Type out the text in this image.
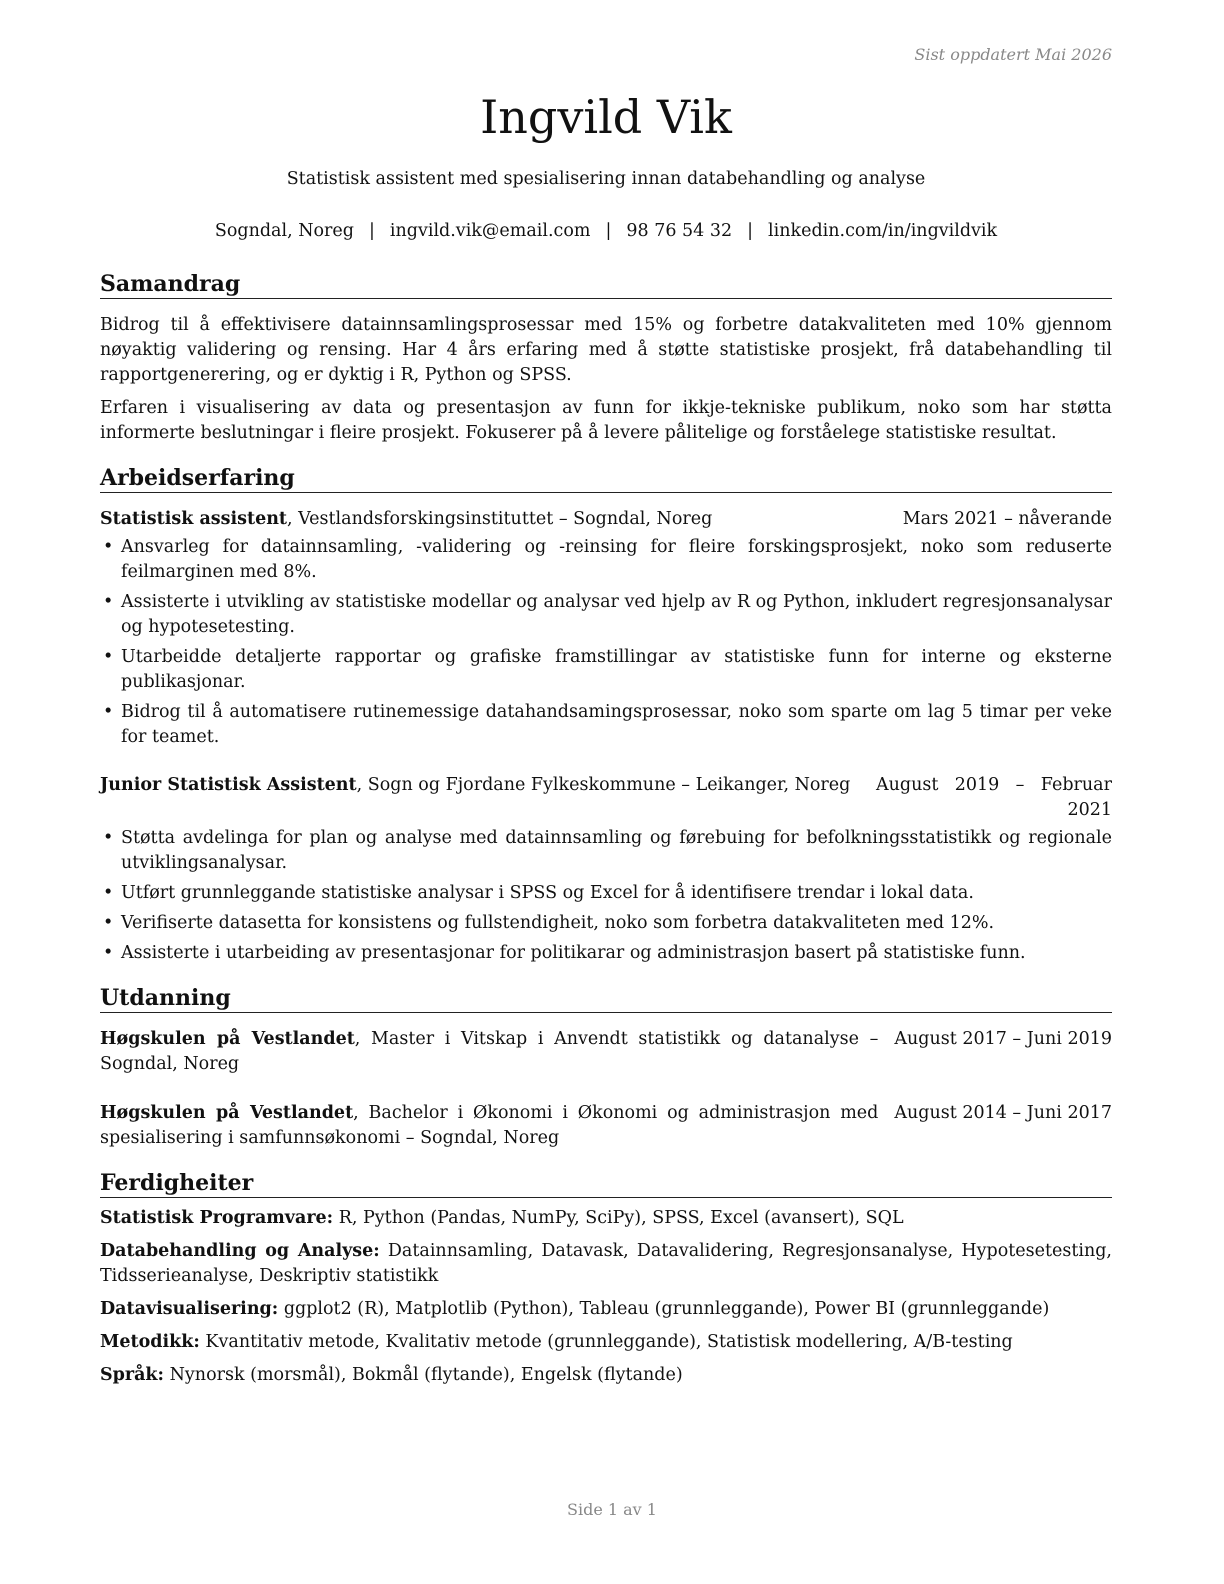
Sist oppdatert Mai 2026
Ingvild Vik
Statistisk assistent med spesialisering innan databehandling og analyse
Sogndal, Noreg | ingvild.vik@email.com | 98 76 54 32 | linkedin.com/in/ingvildvik
Samandrag

Bidrog til å effektivisere datainnsamlingsprosessar med 15% og forbetre datakvaliteten med 10% gjennom nøyaktig validering og rensing. Har 4 års erfaring med å støtte statistiske prosjekt, frå databehandling til rapportgenerering, og er dyktig i R, Python og SPSS.

Erfaren i visualisering av data og presentasjon av funn for ikkje-tekniske publikum, noko som har støtta informerte beslutningar i fleire prosjekt. Fokuserer på å levere pålitelige og forståelege statistiske resultat.

Arbeidserfaring
Statistisk assistent, Vestlandsforskingsinstituttet – Sogndal, Noreg	Mars 2021 – nåverande
• Ansvarleg for datainnsamling, -validering og -reinsing for fleire forskingsprosjekt, noko som reduserte feilmarginen med 8%.
• Assisterte i utvikling av statistiske modellar og analysar ved hjelp av R og Python, inkludert regresjonsanalysar og hypotesetesting.
• Utarbeidde detaljerte rapportar og grafiske framstillingar av statistiske funn for interne og eksterne publikasjonar.
• Bidrog til å automatisere rutinemessige datahandsamingsprosessar, noko som sparte om lag 5 timar per veke for teamet.
Junior Statistisk Assistent, Sogn og Fjordane Fylkeskommune – Leikanger, Noreg	August 2019 – Februar 2021
• Støtta avdelinga for plan og analyse med datainnsamling og førebuing for befolkningsstatistikk og regionale utviklingsanalysar.
• Utført grunnleggande statistiske analysar i SPSS og Excel for å identifisere trendar i lokal data.
• Verifiserte datasetta for konsistens og fullstendigheit, noko som forbetra datakvaliteten med 12%.
• Assisterte i utarbeiding av presentasjonar for politikarar og administrasjon basert på statistiske funn.
Utdanning
Høgskulen på Vestlandet, Master i Vitskap i Anvendt statistikk og datanalyse – Sogndal, Noreg
August 2017 – Juni 2019
Høgskulen på Vestlandet, Bachelor i Økonomi i Økonomi og administrasjon med spesialisering i samfunnsøkonomi – Sogndal, Noreg
August 2014 – Juni 2017
Ferdigheiter

Statistisk Programvare: R, Python (Pandas, NumPy, SciPy), SPSS, Excel (avansert), SQL

Databehandling og Analyse: Datainnsamling, Datavask, Datavalidering, Regresjonsanalyse, Hypotesetesting, Tidsserieanalyse, Deskriptiv statistikk

Datavisualisering: ggplot2 (R), Matplotlib (Python), Tableau (grunnleggande), Power BI (grunnleggande)

Metodikk: Kvantitativ metode, Kvalitativ metode (grunnleggande), Statistisk modellering, A/B-testing

Språk: Nynorsk (morsmål), Bokmål (flytande), Engelsk (flytande)

Side 1 av 1
